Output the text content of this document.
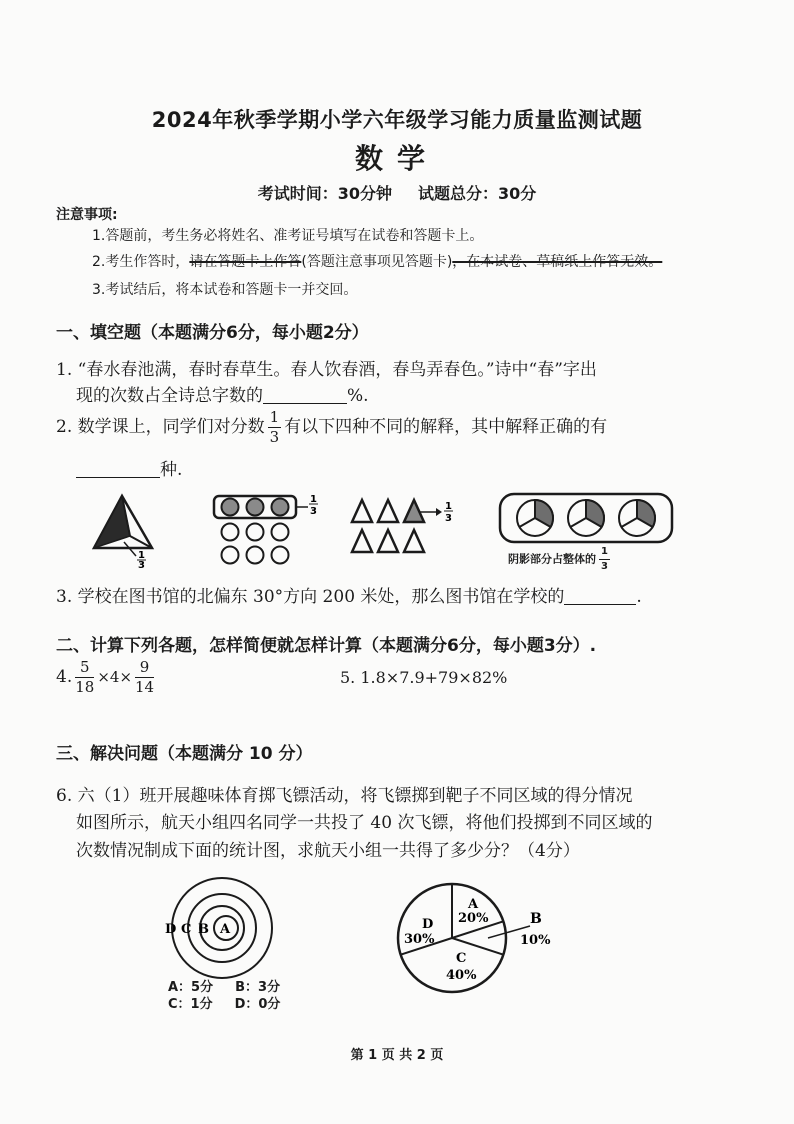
2024年秋季学期小学六年级学习能力质量监测试题
数学
考试时间：30分钟 试题总分：30分
注意事项:
1.答题前，考生务必将姓名、准考证号填写在试卷和答题卡上。
2.考生作答时，请在答题卡上作答(答题注意事项见答题卡)，在本试卷、草稿纸上作答无效。
3.考试结后，将本试卷和答题卡一并交回。
一、填空题（本题满分6分，每小题2分）
1. “春水春池满，春时春草生。春人饮春酒，春鸟弄春色。”诗中“春”字出
现的次数占全诗总字数的	%.
2. 数学课上，同学们对分数 $\frac{1}{3}$ 有以下四种不同的解释，其中解释正确的有
种.
1
3
1
3	1
3
阴影部分占整体的 $\frac{1}{3}$
3. 学校在图书馆的北偏东 30°方向 200 米处，那么图书馆在学校的	.
二、计算下列各题，怎样简便就怎样计算（本题满分6分，每小题3分）.
4. $\frac{5}{18} \times 4\times \frac{9}{14}$	5. 1.8×7.9+79×82%
三、解决问题（本题满分 10 分）
6. 六（1）班开展趣味体育掷飞镖活动，将飞镖掷到靶子不同区域的得分情况
如图所示，航天小组四名同学一共投了 40 次飞镖，将他们投掷到不同区域的
次数情况制成下面的统计图，求航天小组一共得了多少分？（4分）
D C B A
A：5分 B：3分
C：1分 D：0分
A
20%
D
30%
C
40%
B
10%
第 1 页 共 2 页
